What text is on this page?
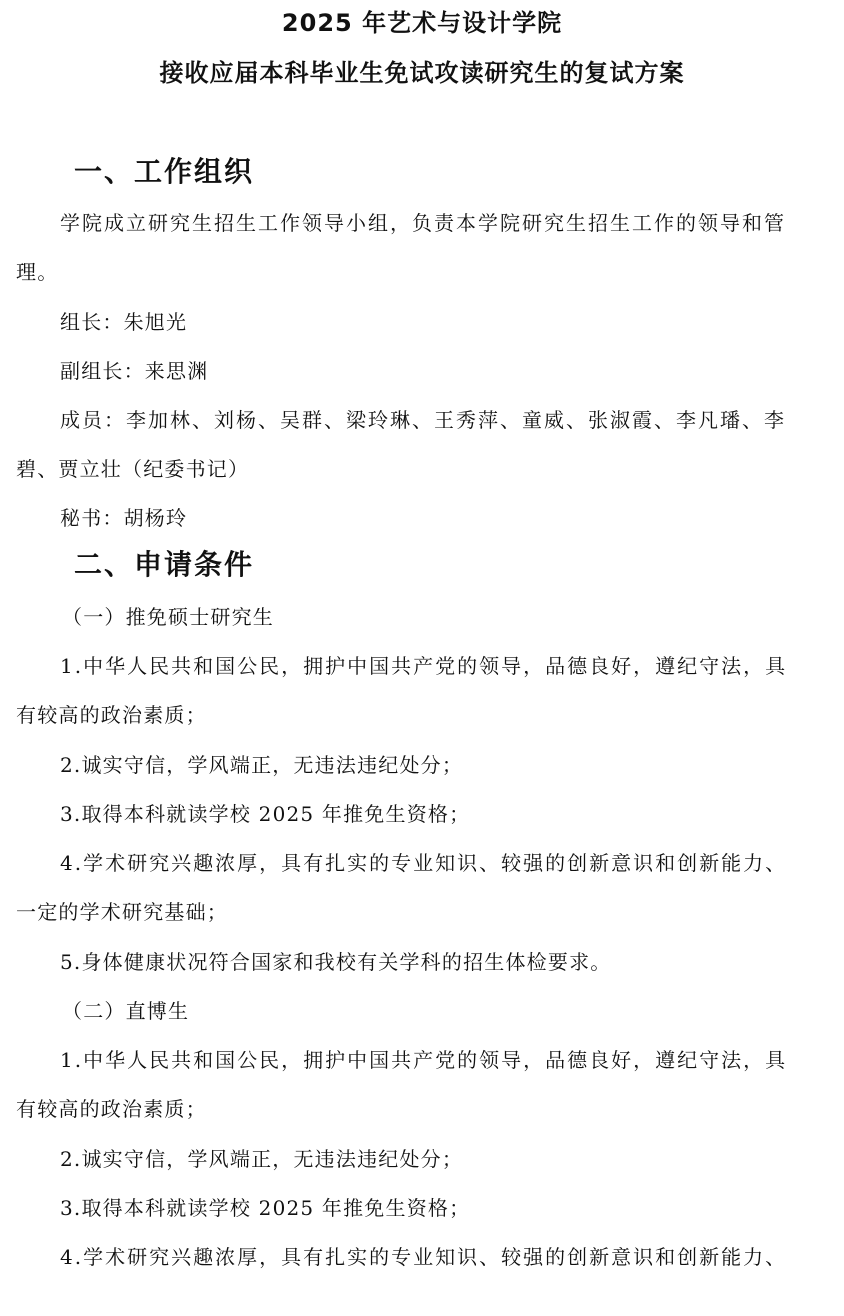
2025 年艺术与设计学院
接收应届本科毕业生免试攻读研究生的复试方案
一、工作组织
学院成立研究生招生工作领导小组，负责本学院研究生招生工作的领导和管
理。
组长：朱旭光
副组长：来思渊
成员：李加林、刘杨、吴群、梁玲琳、王秀萍、童威、张淑霞、李凡璠、李
碧、贾立壮（纪委书记）
秘书：胡杨玲
二、申请条件
（一）推免硕士研究生
1.中华人民共和国公民，拥护中国共产党的领导，品德良好，遵纪守法，具
有较高的政治素质；
2.诚实守信，学风端正，无违法违纪处分；
3.取得本科就读学校 2025 年推免生资格；
4.学术研究兴趣浓厚，具有扎实的专业知识、较强的创新意识和创新能力、
一定的学术研究基础；
5.身体健康状况符合国家和我校有关学科的招生体检要求。
（二）直博生
1.中华人民共和国公民，拥护中国共产党的领导，品德良好，遵纪守法，具
有较高的政治素质；
2.诚实守信，学风端正，无违法违纪处分；
3.取得本科就读学校 2025 年推免生资格；
4.学术研究兴趣浓厚，具有扎实的专业知识、较强的创新意识和创新能力、
